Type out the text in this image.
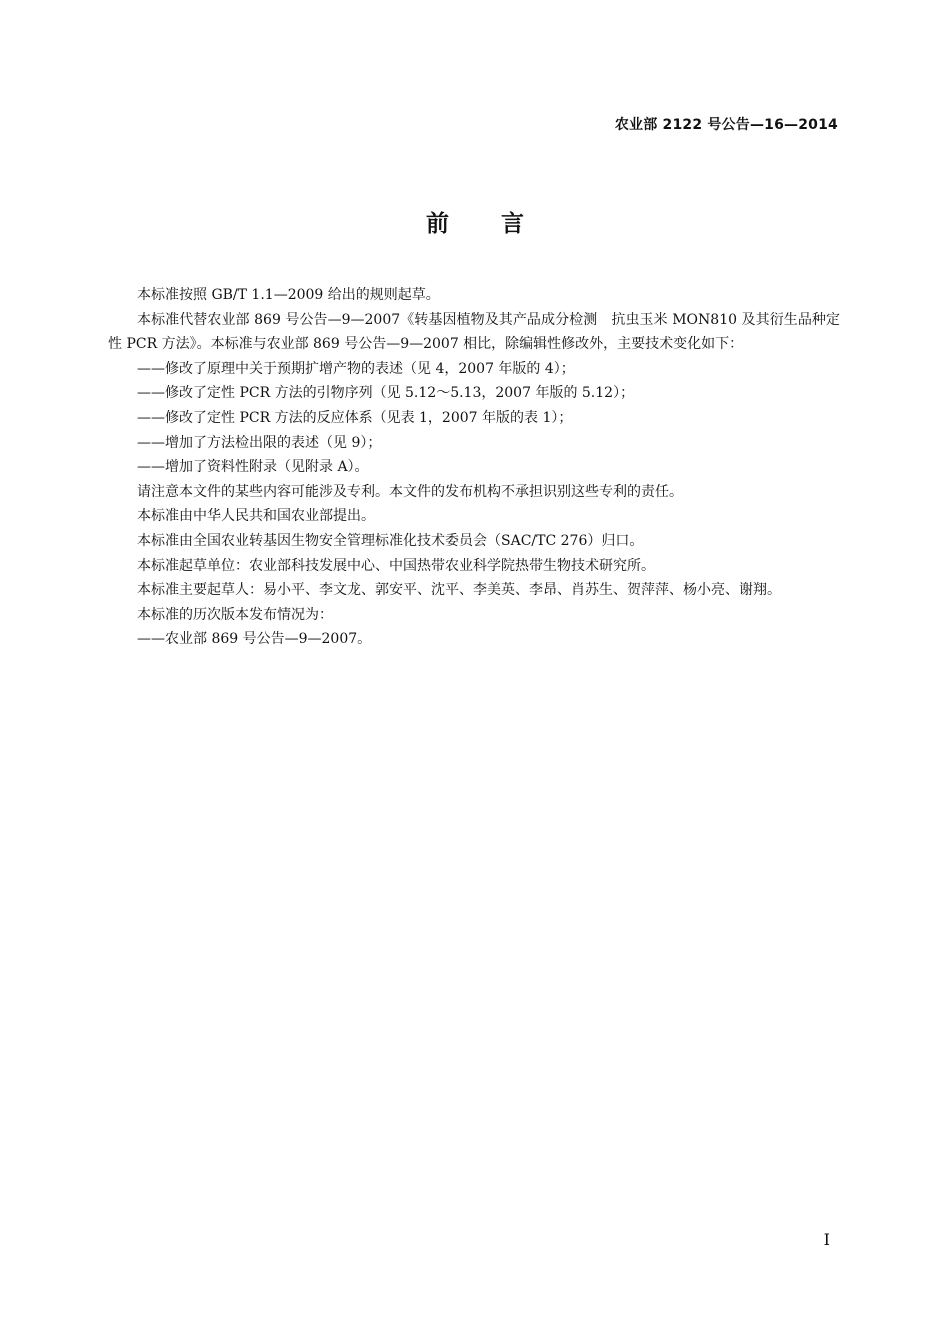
农业部 2122 号公告—16—2014
前言

本标准按照 GB/T 1.1—2009 给出的规则起草。

本标准代替农业部 869 号公告—9—2007《转基因植物及其产品成分检测　抗虫玉米 MON810 及其衍生品种定性 PCR 方法》。本标准与农业部 869 号公告—9—2007 相比，除编辑性修改外，主要技术变化如下：

——修改了原理中关于预期扩增产物的表述（见 4，2007 年版的 4）；

——修改了定性 PCR 方法的引物序列（见 5.12～5.13，2007 年版的 5.12）；

——修改了定性 PCR 方法的反应体系（见表 1，2007 年版的表 1）；

——增加了方法检出限的表述（见 9）；

——增加了资料性附录（见附录 A）。

请注意本文件的某些内容可能涉及专利。本文件的发布机构不承担识别这些专利的责任。

本标准由中华人民共和国农业部提出。

本标准由全国农业转基因生物安全管理标准化技术委员会（SAC/TC 276）归口。

本标准起草单位：农业部科技发展中心、中国热带农业科学院热带生物技术研究所。

本标准主要起草人：易小平、李文龙、郭安平、沈平、李美英、李昂、肖苏生、贺萍萍、杨小亮、谢翔。

本标准的历次版本发布情况为：

——农业部 869 号公告—9—2007。

I
